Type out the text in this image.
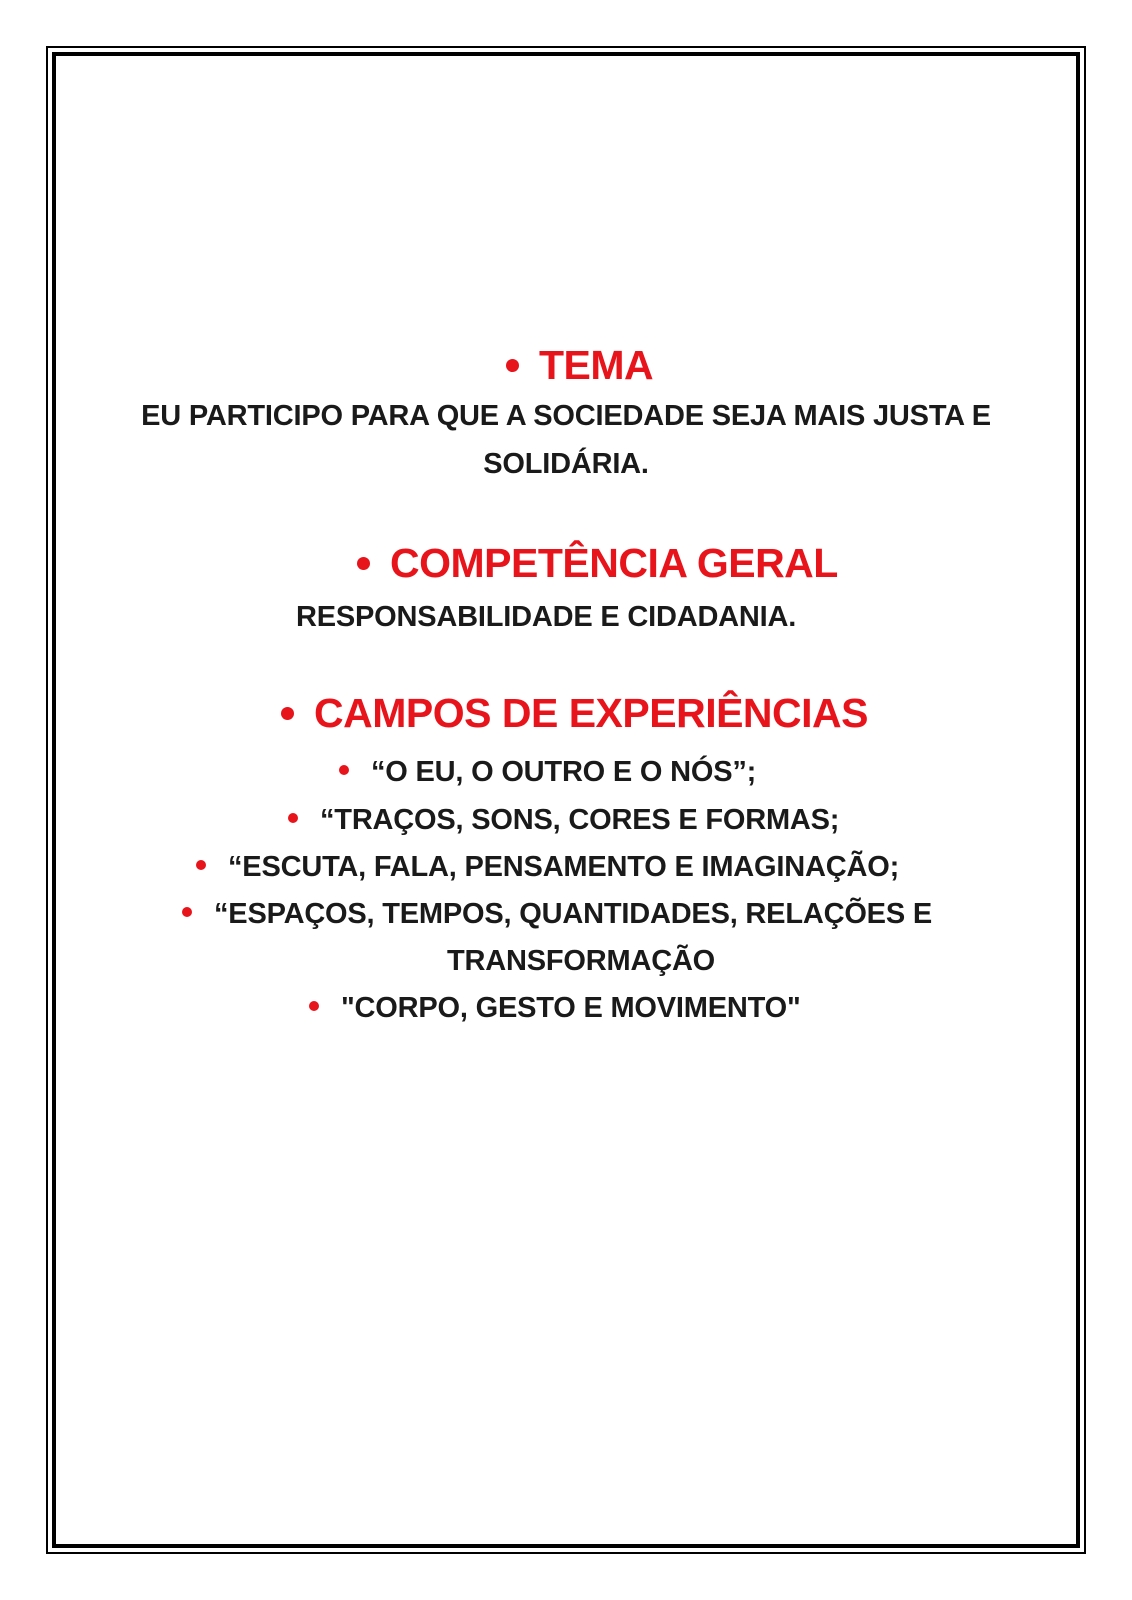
TEMA
EU PARTICIPO PARA QUE A SOCIEDADE SEJA MAIS JUSTA E
SOLIDÁRIA.
COMPETÊNCIA GERAL
RESPONSABILIDADE E CIDADANIA.
CAMPOS DE EXPERIÊNCIAS
“O EU, O OUTRO E O NÓS”;
“TRAÇOS, SONS, CORES E FORMAS;
“ESCUTA, FALA, PENSAMENTO E IMAGINAÇÃO;
“ESPAÇOS, TEMPOS, QUANTIDADES, RELAÇÕES E
TRANSFORMAÇÃO
"CORPO, GESTO E MOVIMENTO"
